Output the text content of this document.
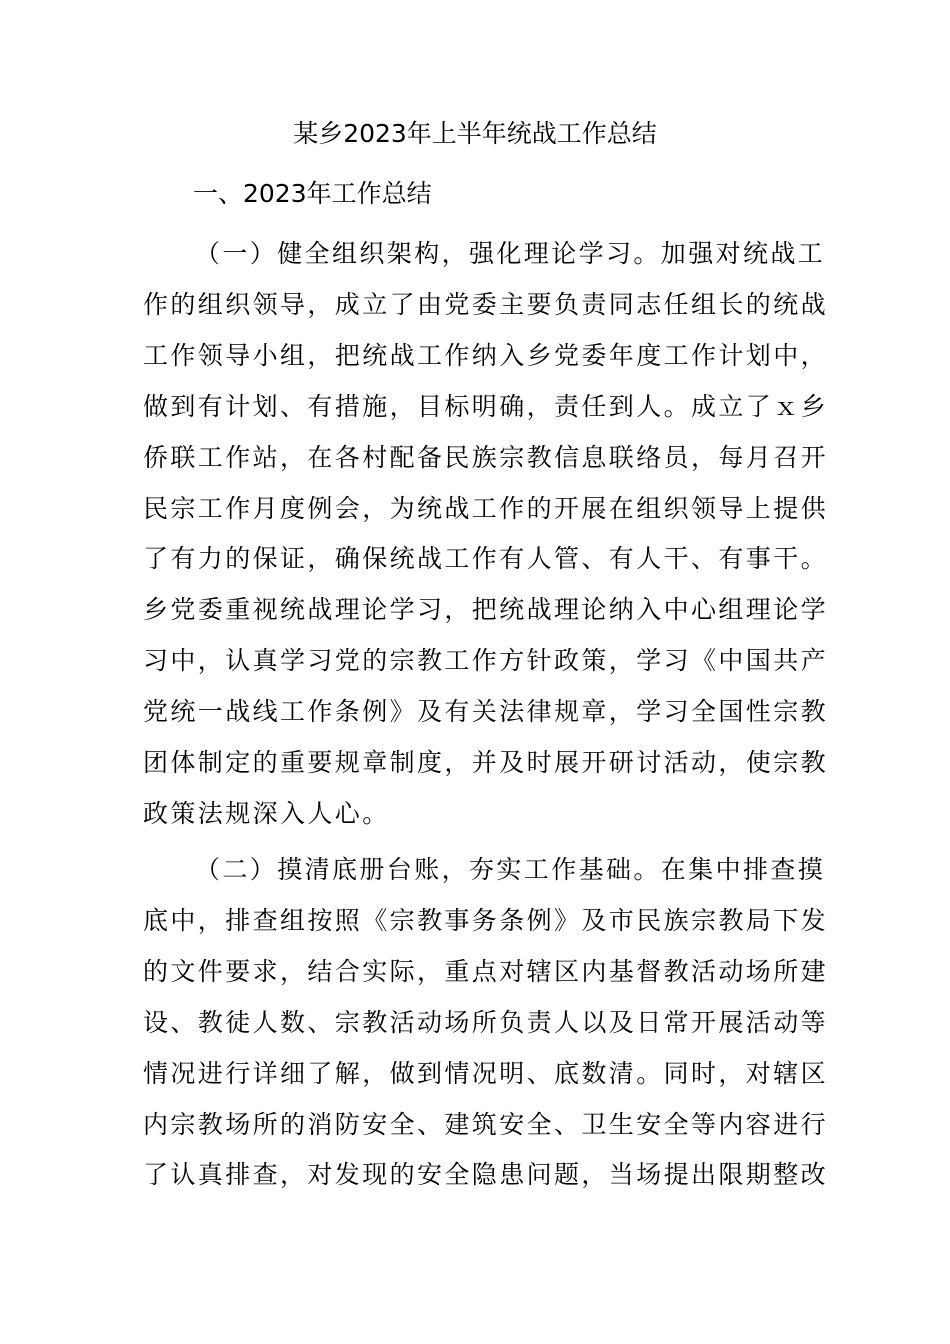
某乡2023年上半年统战工作总结
一、2023年工作总结
（一）健全组织架构，强化理论学习。加强对统战工
作的组织领导，成立了由党委主要负责同志任组长的统战
工作领导小组，把统战工作纳入乡党委年度工作计划中，
做到有计划、有措施，目标明确，责任到人。成立了ｘ乡
侨联工作站，在各村配备民族宗教信息联络员，每月召开
民宗工作月度例会，为统战工作的开展在组织领导上提供
了有力的保证，确保统战工作有人管、有人干、有事干。
乡党委重视统战理论学习，把统战理论纳入中心组理论学
习中，认真学习党的宗教工作方针政策，学习《中国共产
党统一战线工作条例》及有关法律规章，学习全国性宗教
团体制定的重要规章制度，并及时展开研讨活动，使宗教
政策法规深入人心。
（二）摸清底册台账，夯实工作基础。在集中排查摸
底中，排查组按照《宗教事务条例》及市民族宗教局下发
的文件要求，结合实际，重点对辖区内基督教活动场所建
设、教徒人数、宗教活动场所负责人以及日常开展活动等
情况进行详细了解，做到情况明、底数清。同时，对辖区
内宗教场所的消防安全、建筑安全、卫生安全等内容进行
了认真排查，对发现的安全隐患问题，当场提出限期整改
